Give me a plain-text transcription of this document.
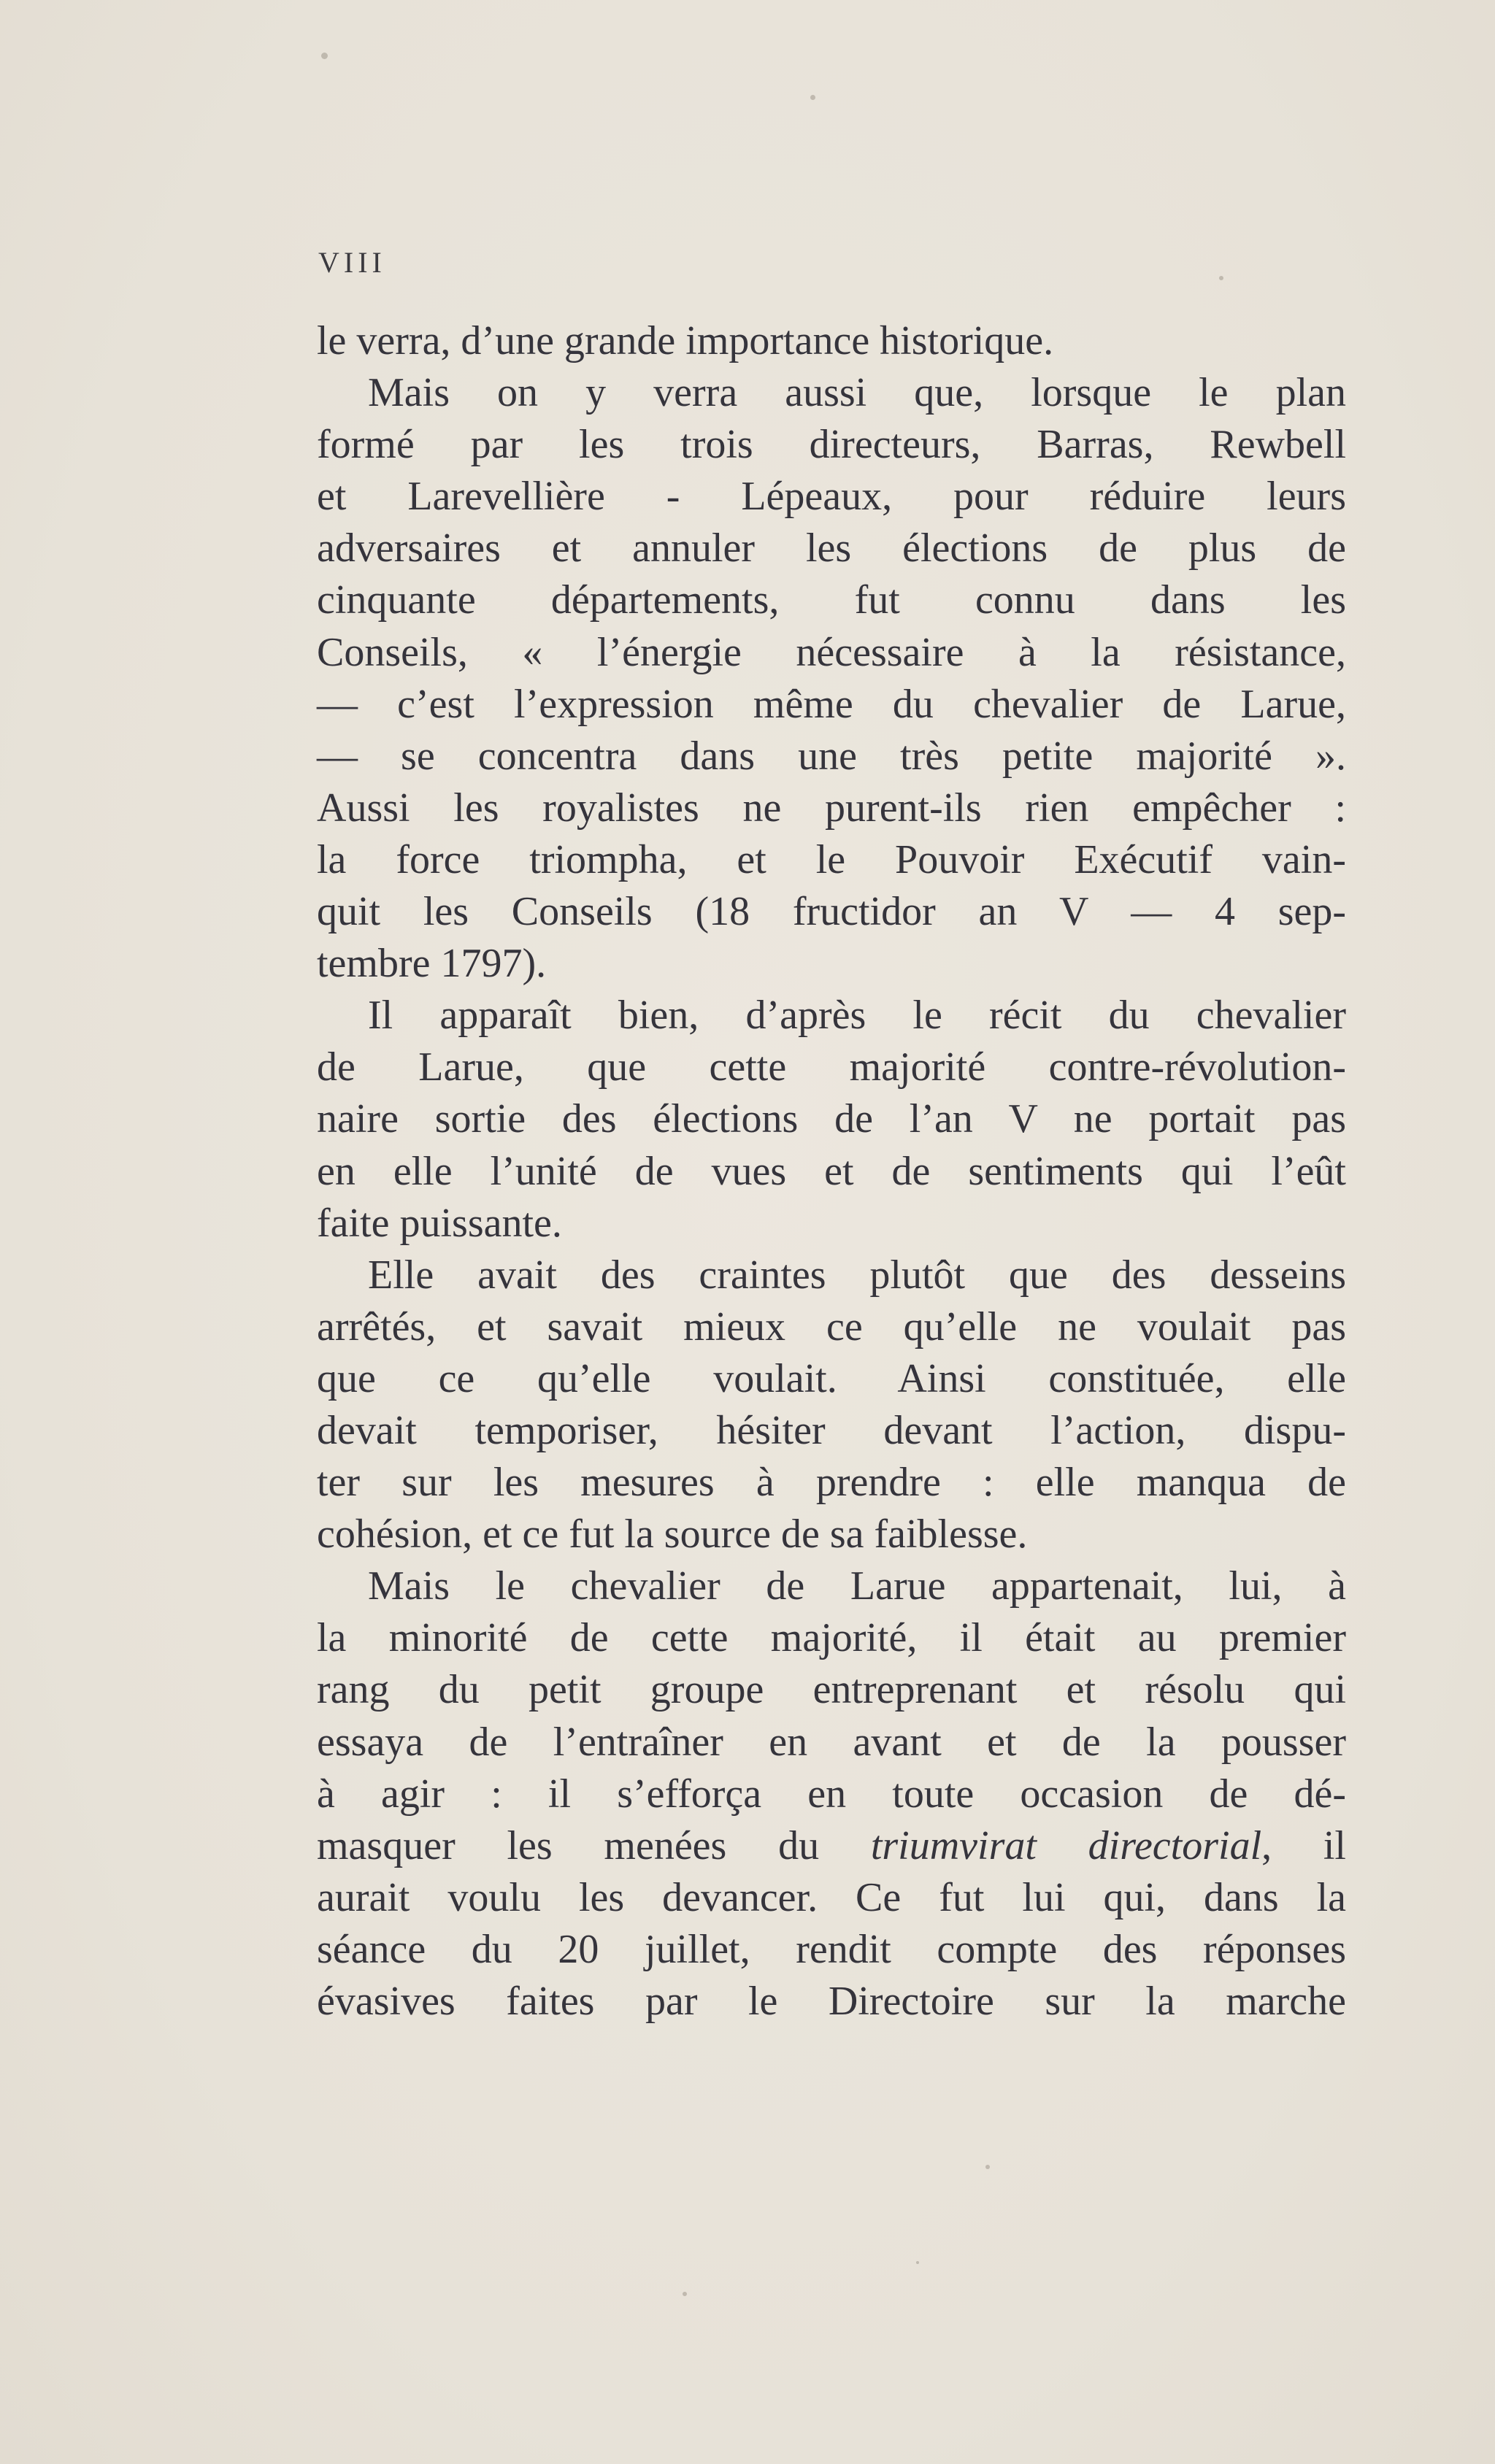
VIII
le verra, d’une grande importance historique.
Mais on y verra aussi que, lorsque le plan
formé par les trois directeurs, Barras, Rewbell
et Larevellière - Lépeaux, pour réduire leurs
adversaires et annuler les élections de plus de
cinquante départements, fut connu dans les
Conseils, « l’énergie nécessaire à la résistance,
— c’est l’expression même du chevalier de Larue,
— se concentra dans une très petite majorité ».
Aussi les royalistes ne purent-ils rien empêcher :
la force triompha, et le Pouvoir Exécutif vain-
quit les Conseils (18 fructidor an V — 4 sep-
tembre 1797).
Il apparaît bien, d’après le récit du chevalier
de Larue, que cette majorité contre-révolution-
naire sortie des élections de l’an V ne portait pas
en elle l’unité de vues et de sentiments qui l’eût
faite puissante.
Elle avait des craintes plutôt que des desseins
arrêtés, et savait mieux ce qu’elle ne voulait pas
que ce qu’elle voulait. Ainsi constituée, elle
devait temporiser, hésiter devant l’action, dispu-
ter sur les mesures à prendre : elle manqua de
cohésion, et ce fut la source de sa faiblesse.
Mais le chevalier de Larue appartenait, lui, à
la minorité de cette majorité, il était au premier
rang du petit groupe entreprenant et résolu qui
essaya de l’entraîner en avant et de la pousser
à agir : il s’efforça en toute occasion de dé-
masquer les menées du triumvirat directorial, il
aurait voulu les devancer. Ce fut lui qui, dans la
séance du 20 juillet, rendit compte des réponses
évasives faites par le Directoire sur la marche
